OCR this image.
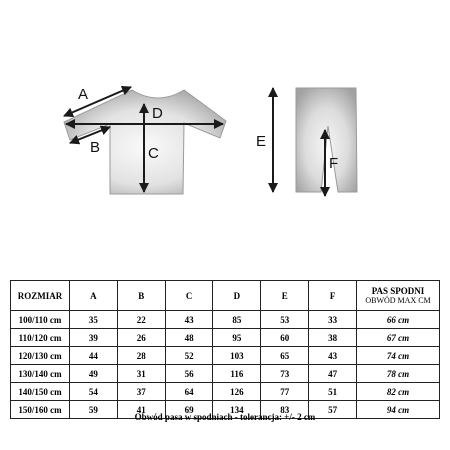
A
B	C
D
E
F
ROZMIAR	A	B	C	D	E	F	PAS SPODNI
OBWÓD MAX CM

100/110 cm	35	22	43	85	53	33	66 cm
110/120 cm	39	26	48	95	60	38	67 cm
120/130 cm	44	28	52	103	65	43	74 cm
130/140 cm	49	31	56	116	73	47	78 cm
140/150 cm	54	37	64	126	77	51	82 cm
150/160 cm	59	41	69	134	83	57	94 cm
Obwód pasa w spodniach - tolerancja: +/- 2 cm
